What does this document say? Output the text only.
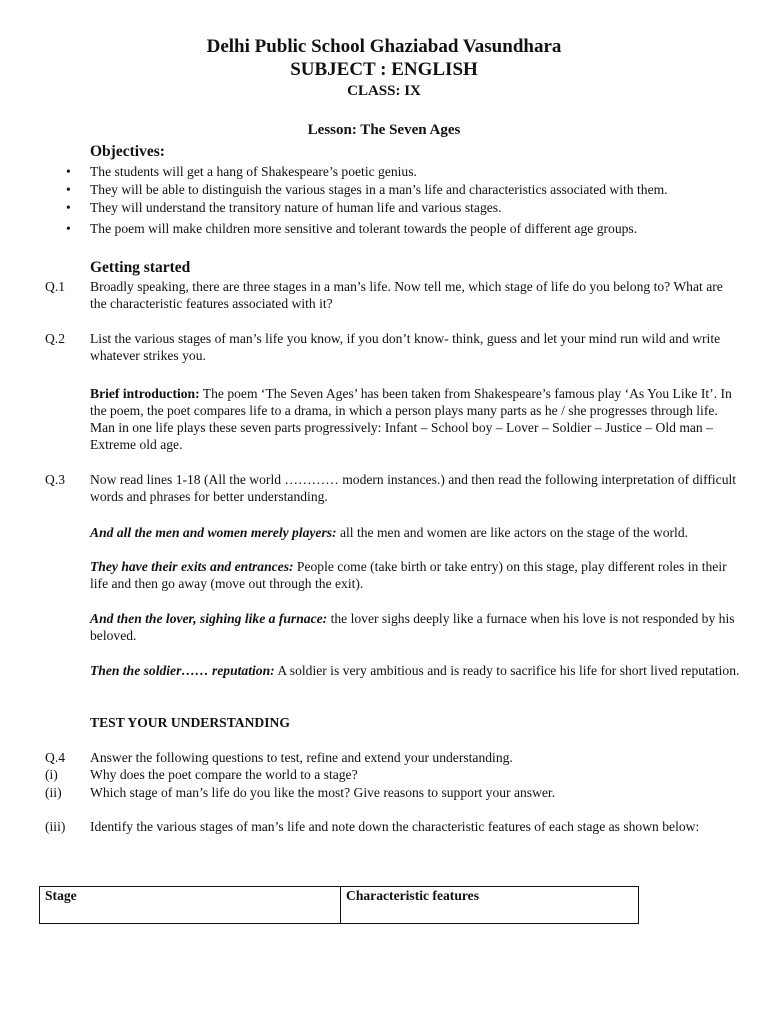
Delhi Public School Ghaziabad Vasundhara
SUBJECT : ENGLISH
CLASS: IX
Lesson: The Seven Ages
Objectives:
• The students will get a hang of Shakespeare’s poetic genius.
• They will be able to distinguish the various stages in a man’s life and characteristics associated with them.
• They will understand the transitory nature of human life and various stages.
• The poem will make children more sensitive and tolerant towards the people of different age groups.
Getting started
Q.1 Broadly speaking, there are three stages in a man’s life. Now tell me, which stage of life do you belong to? What are the characteristic features associated with it?
Q.2 List the various stages of man’s life you know, if you don’t know- think, guess and let your mind run wild and write whatever strikes you.
Brief introduction: The poem ‘The Seven Ages’ has been taken from Shakespeare’s famous play ‘As You Like It’. In the poem, the poet compares life to a drama, in which a person plays many parts as he / she progresses through life. Man in one life plays these seven parts progressively: Infant – School boy – Lover – Soldier – Justice – Old man – Extreme old age.
Q.3 Now read lines 1-18 (All the world ………… modern instances.) and then read the following interpretation of difficult words and phrases for better understanding.
And all the men and women merely players: all the men and women are like actors on the stage of the world.
They have their exits and entrances: People come (take birth or take entry) on this stage, play different roles in their life and then go away (move out through the exit).
And then the lover, sighing like a furnace: the lover sighs deeply like a furnace when his love is not responded by his beloved.
Then the soldier…… reputation: A soldier is very ambitious and is ready to sacrifice his life for short lived reputation.
TEST YOUR UNDERSTANDING
Q.4 Answer the following questions to test, refine and extend your understanding.
(i) Why does the poet compare the world to a stage?
(ii) Which stage of man’s life do you like the most? Give reasons to support your answer.
(iii) Identify the various stages of man’s life and note down the characteristic features of each stage as shown below:
Stage	Characteristic features
